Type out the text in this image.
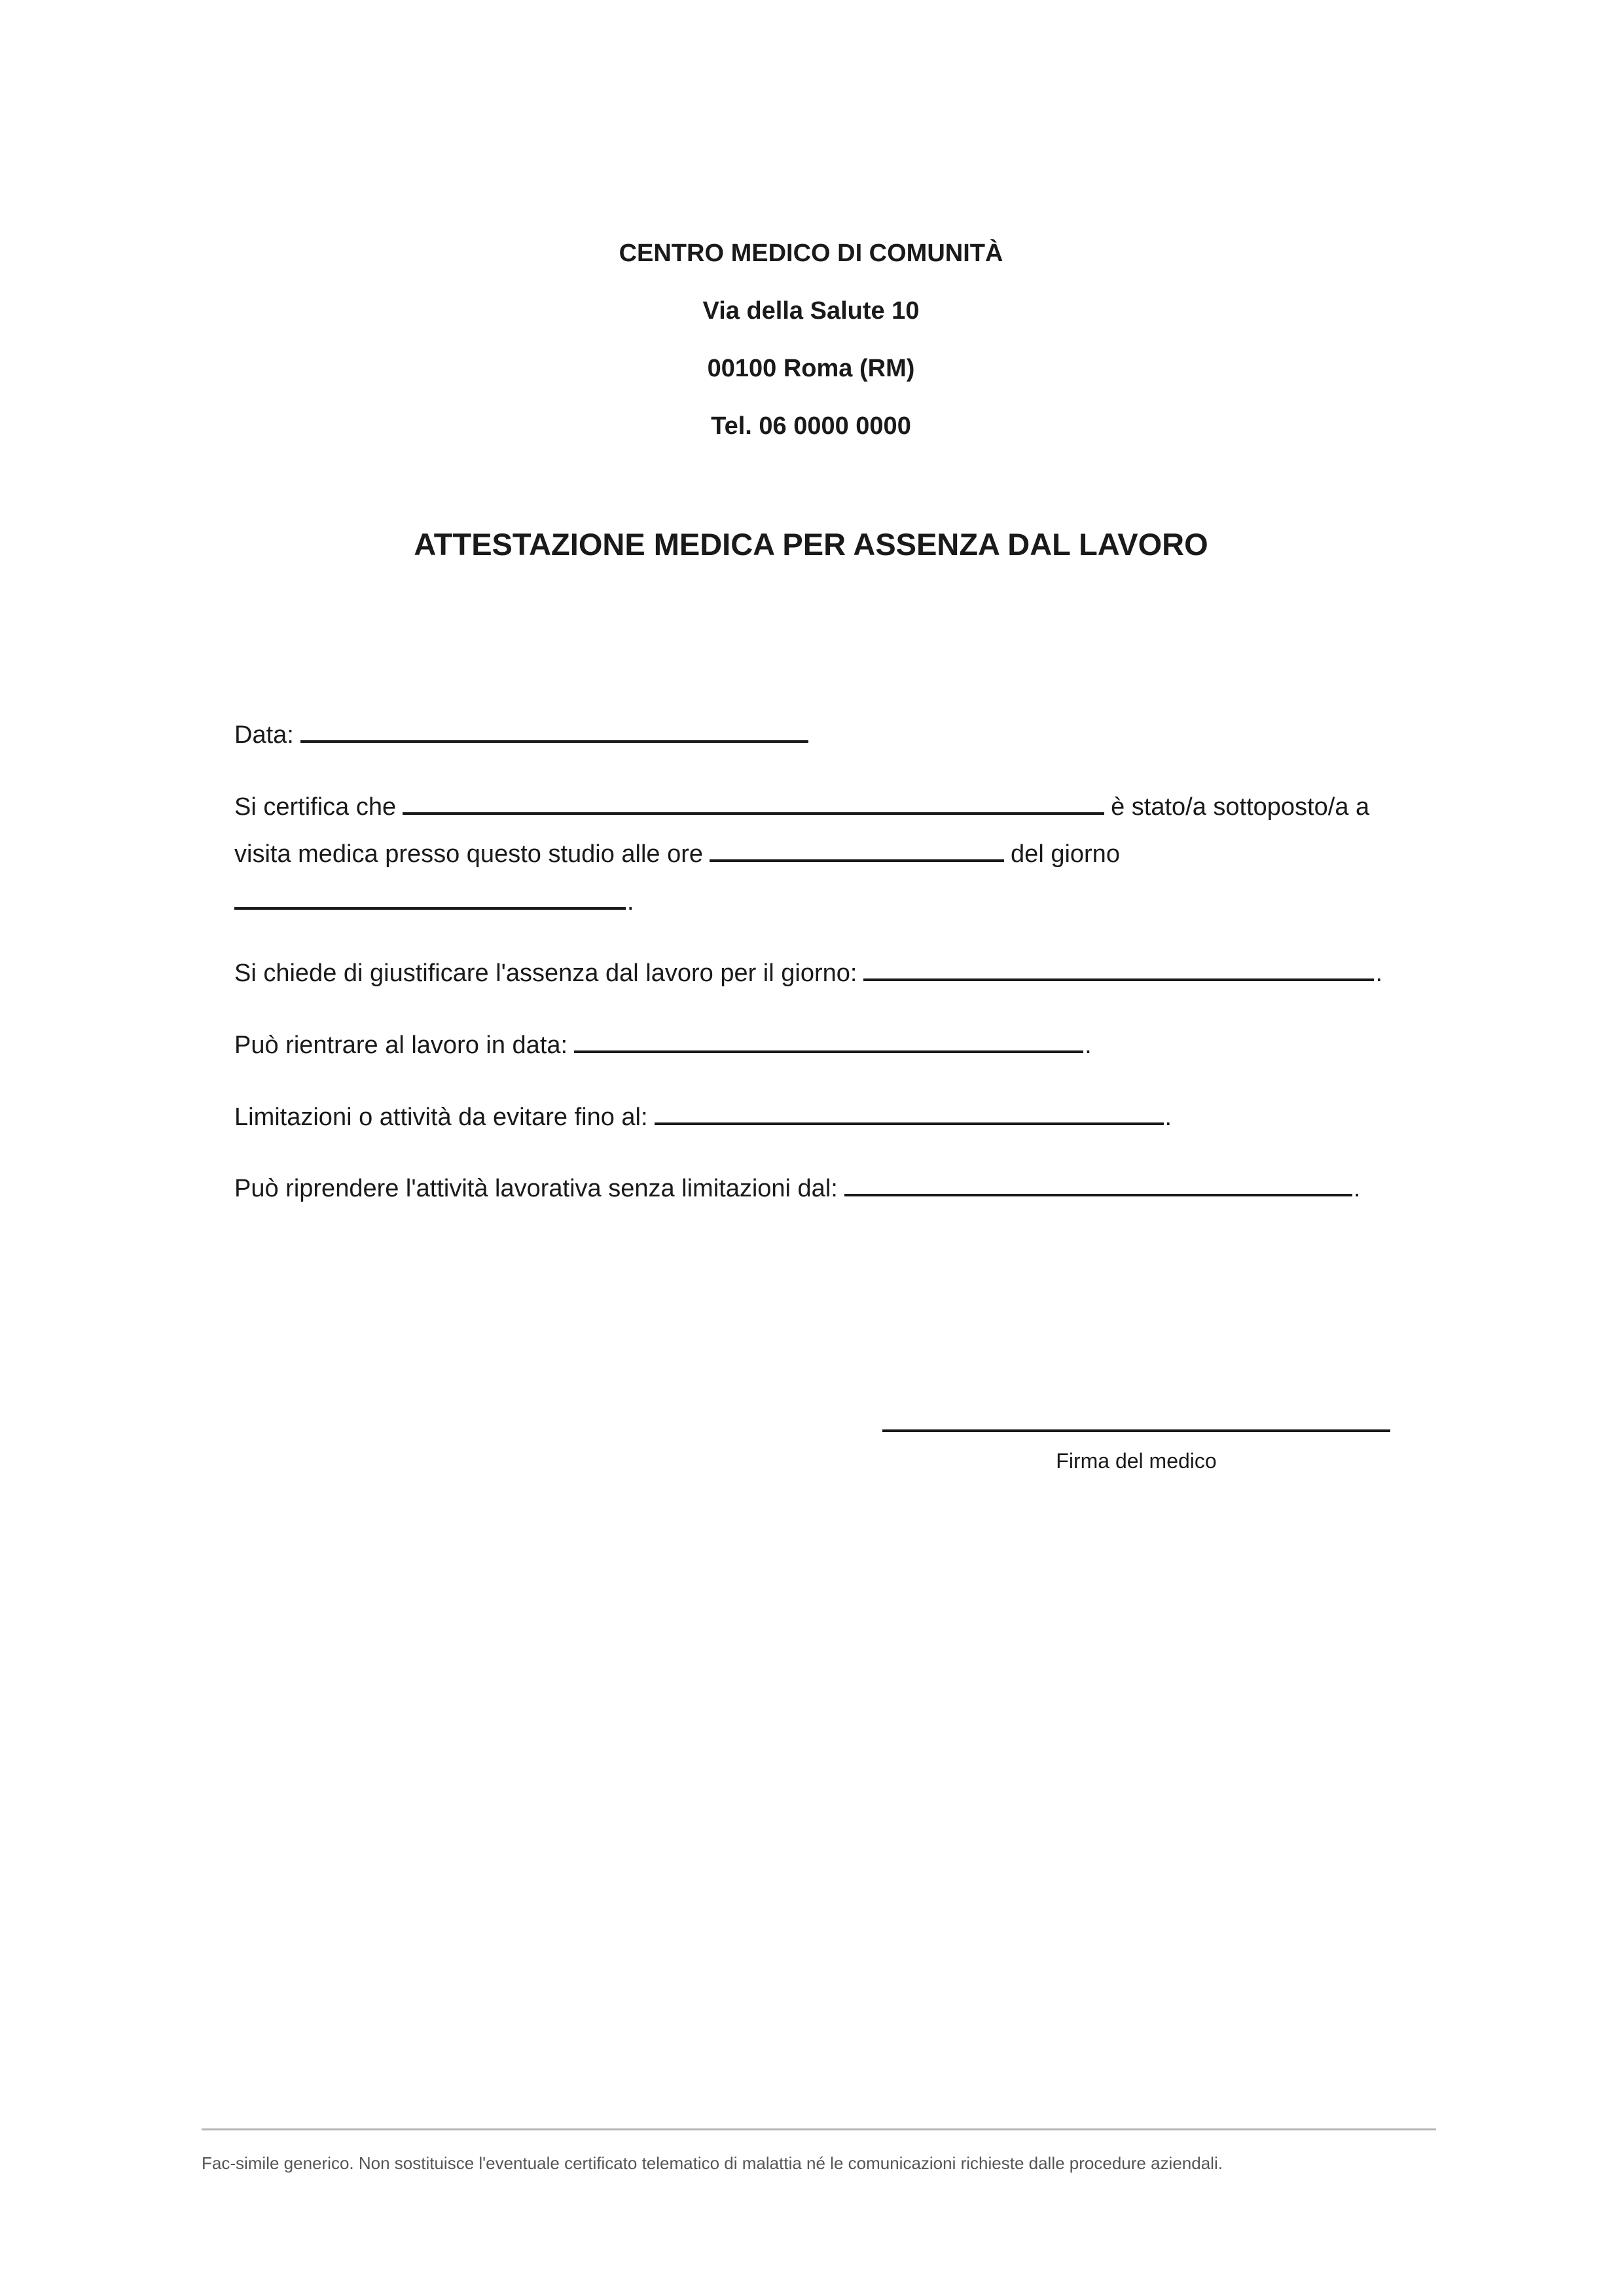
CENTRO MEDICO DI COMUNITÀ
Via della Salute 10
00100 Roma (RM)
Tel. 06 0000 0000
ATTESTAZIONE MEDICA PER ASSENZA DAL LAVORO
Data:
Si certifica che	è stato/a sottoposto/a a
visita medica presso questo studio alle ore	del giorno
.
Si chiede di giustificare l'assenza dal lavoro per il giorno:	.
Può rientrare al lavoro in data:	.
Limitazioni o attività da evitare fino al:	.
Può riprendere l'attività lavorativa senza limitazioni dal:	.
Firma del medico
Fac-simile generico. Non sostituisce l'eventuale certificato telematico di malattia né le comunicazioni richieste dalle procedure aziendali.
